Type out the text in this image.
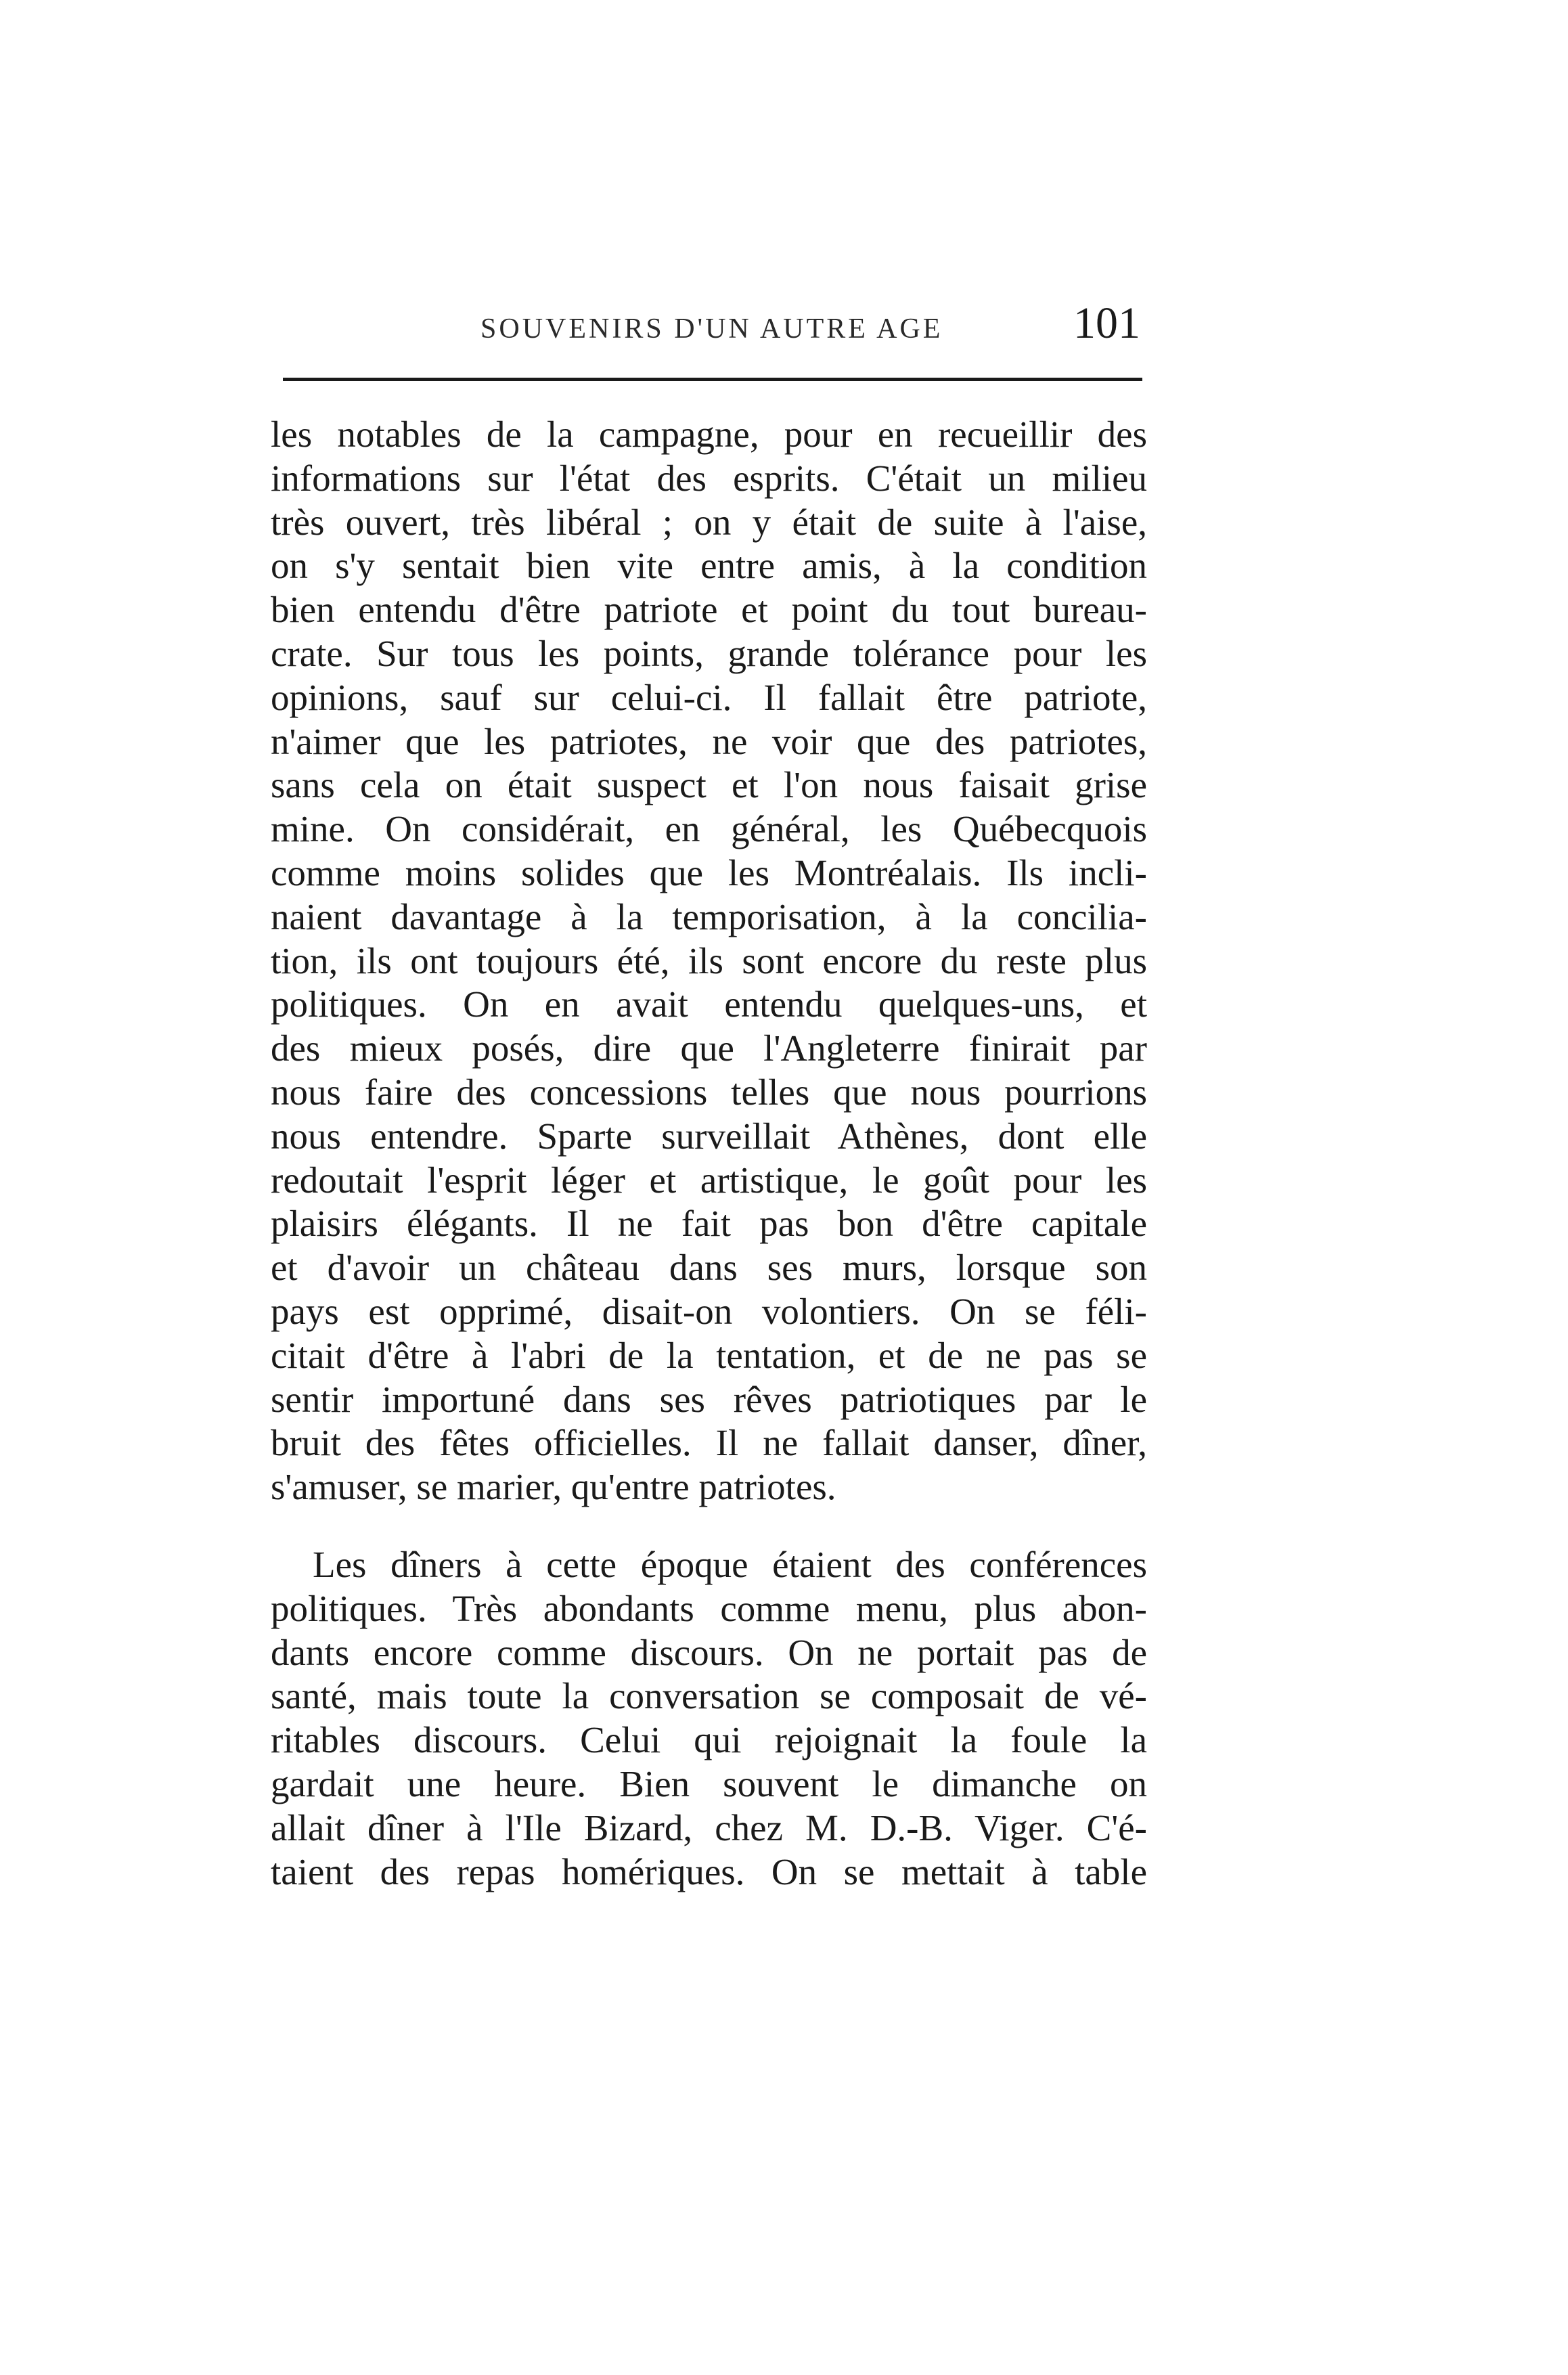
SOUVENIRS D'UN AUTRE AGE	101
les notables de la campagne, pour en recueillir des
informations sur l'état des esprits. C'était un milieu
très ouvert, très libéral ; on y était de suite à l'aise,
on s'y sentait bien vite entre amis, à la condition
bien entendu d'être patriote et point du tout bureau-
crate. Sur tous les points, grande tolérance pour les
opinions, sauf sur celui-ci. Il fallait être patriote,
n'aimer que les patriotes, ne voir que des patriotes,
sans cela on était suspect et l'on nous faisait grise
mine. On considérait, en général, les Québecquois
comme moins solides que les Montréalais. Ils incli-
naient davantage à la temporisation, à la concilia-
tion, ils ont toujours été, ils sont encore du reste plus
politiques. On en avait entendu quelques-uns, et
des mieux posés, dire que l'Angleterre finirait par
nous faire des concessions telles que nous pourrions
nous entendre. Sparte surveillait Athènes, dont elle
redoutait l'esprit léger et artistique, le goût pour les
plaisirs élégants. Il ne fait pas bon d'être capitale
et d'avoir un château dans ses murs, lorsque son
pays est opprimé, disait-on volontiers. On se féli-
citait d'être à l'abri de la tentation, et de ne pas se
sentir importuné dans ses rêves patriotiques par le
bruit des fêtes officielles. Il ne fallait danser, dîner,
s'amuser, se marier, qu'entre patriotes.
Les dîners à cette époque étaient des conférences
politiques. Très abondants comme menu, plus abon-
dants encore comme discours. On ne portait pas de
santé, mais toute la conversation se composait de vé-
ritables discours. Celui qui rejoignait la foule la
gardait une heure. Bien souvent le dimanche on
allait dîner à l'Ile Bizard, chez M. D.-B. Viger. C'é-
taient des repas homériques. On se mettait à table
